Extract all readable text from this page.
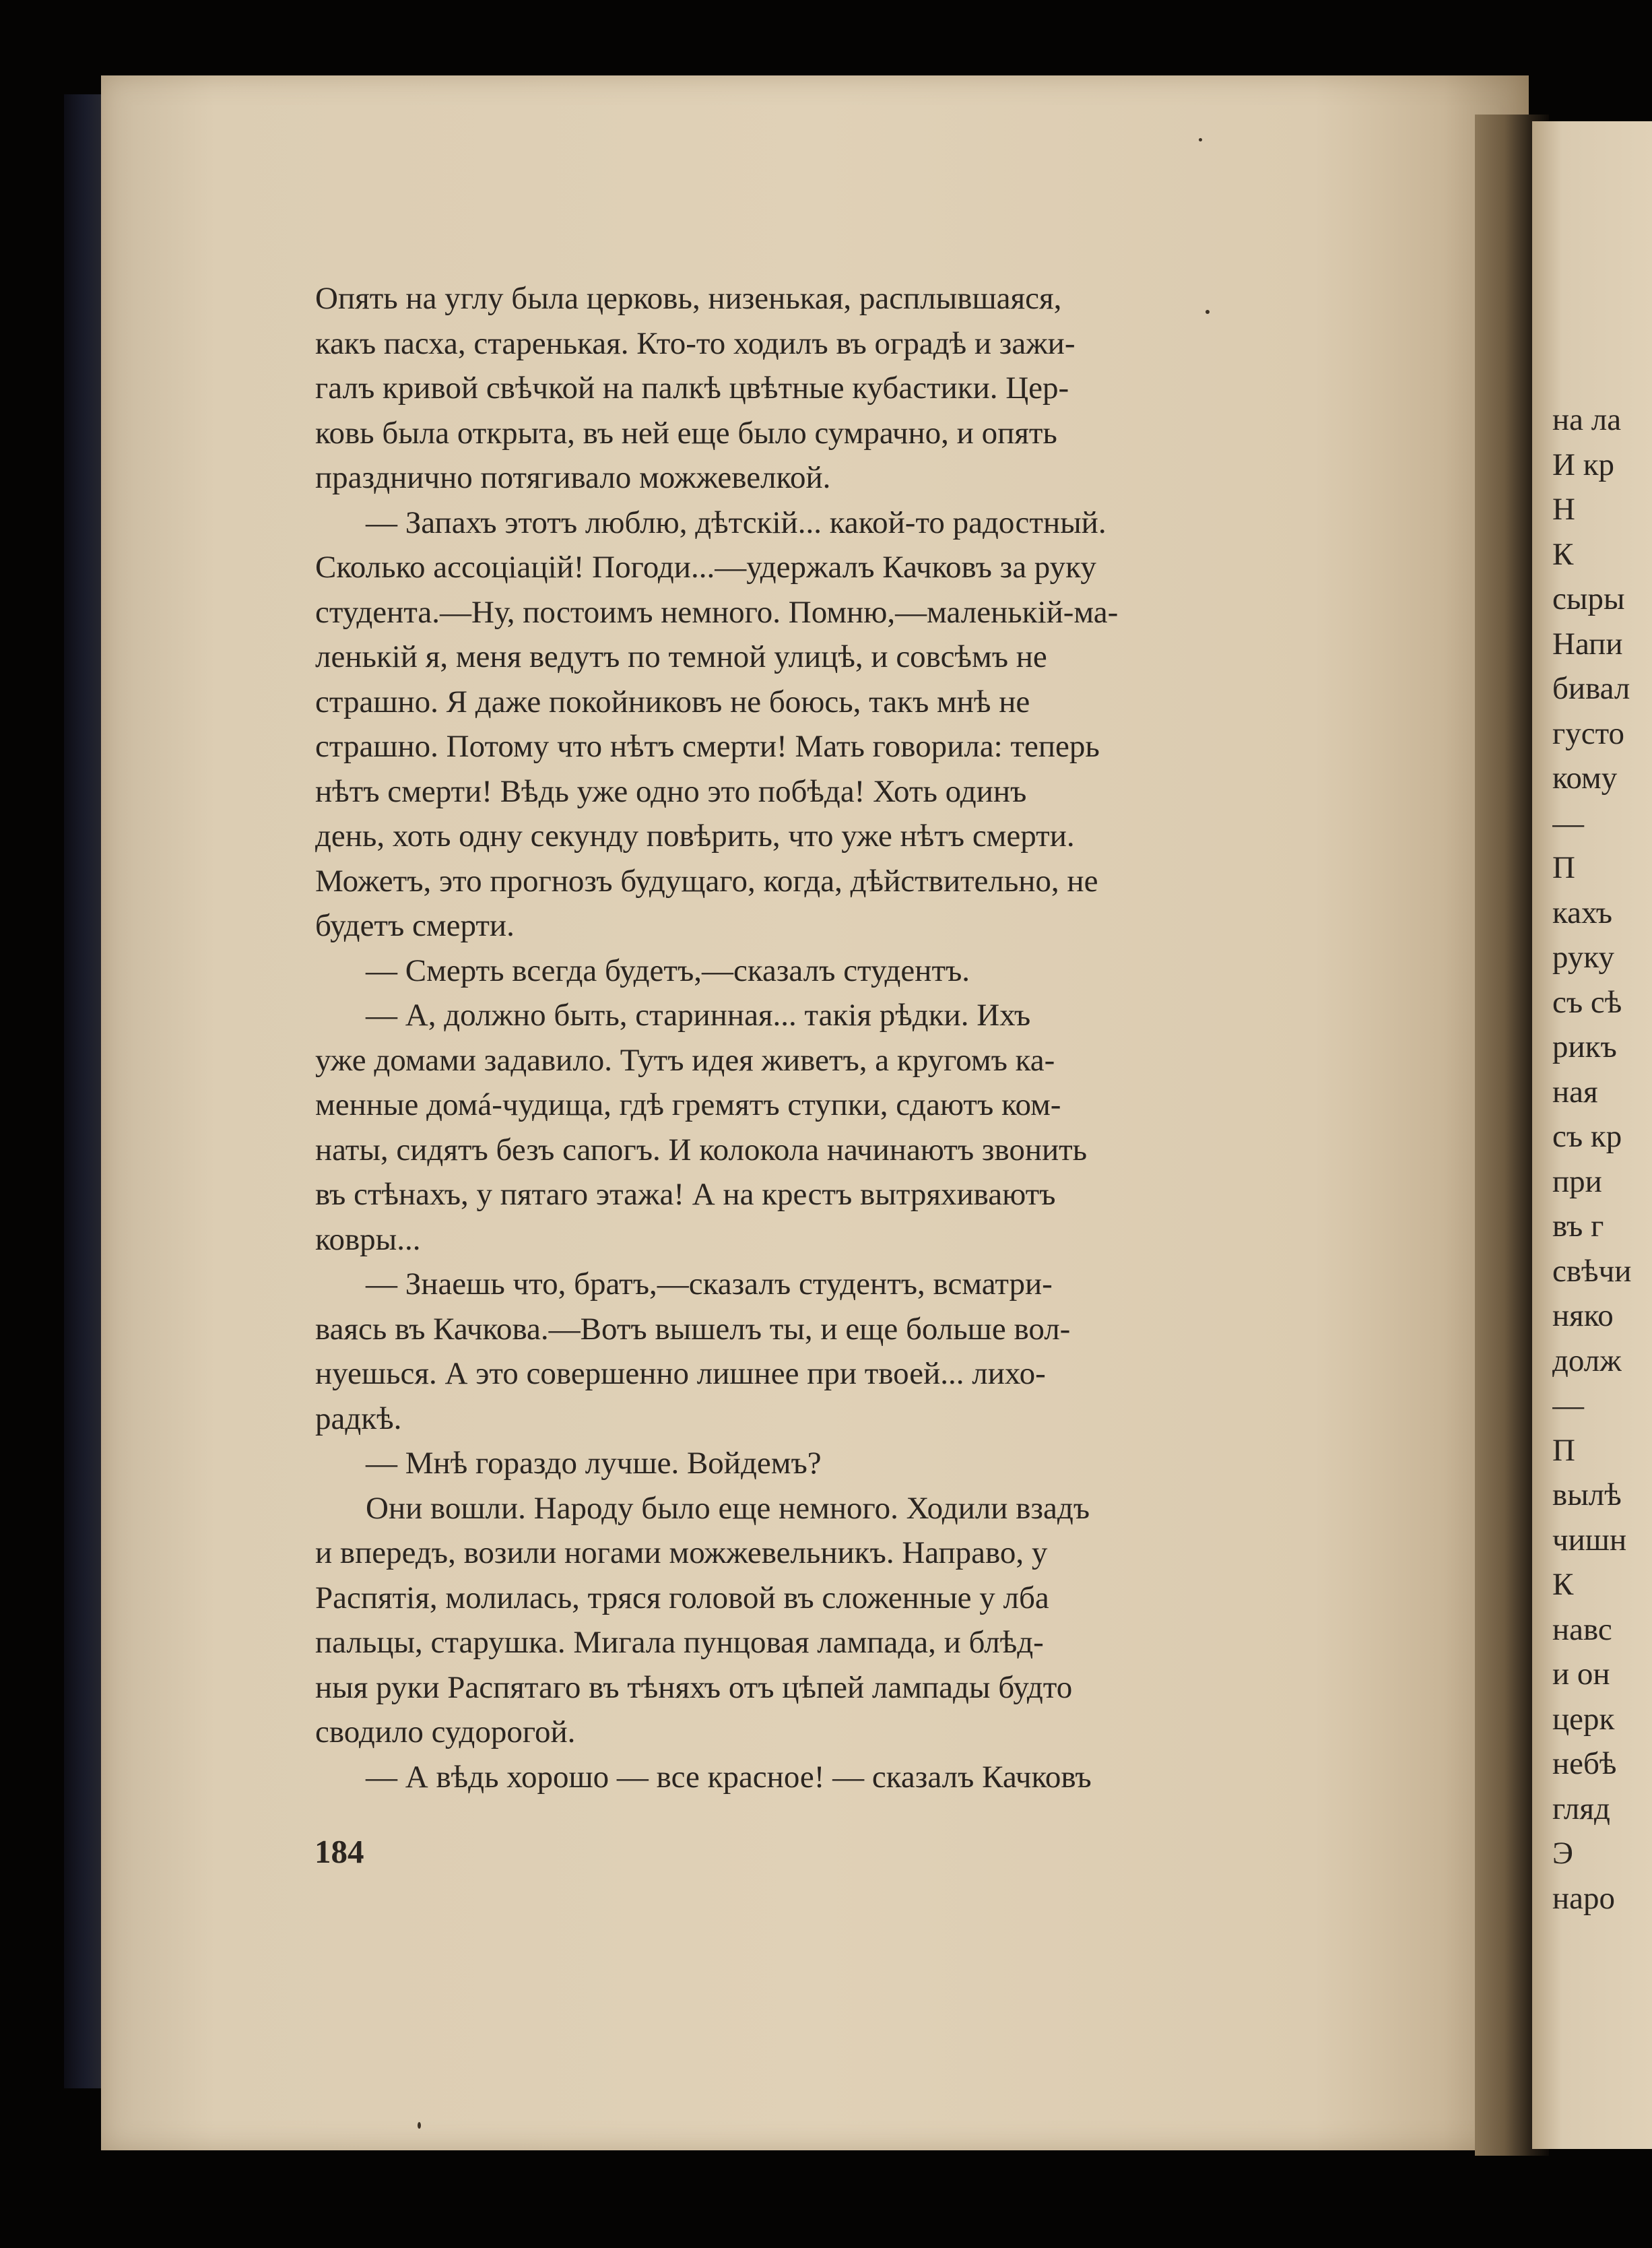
Опять на углу была церковь, низенькая, расплывшаяся,
какъ пасха, старенькая. Кто-то ходилъ въ оградѣ и зажи-
галъ кривой свѣчкой на палкѣ цвѣтные кубастики. Цер-
ковь была открыта, въ ней еще было сумрачно, и опять
празднично потягивало можжевелкой.
— Запахъ этотъ люблю, дѣтскій... какой-то радостный.
Сколько ассоціацій! Погоди...—удержалъ Качковъ за руку
студента.—Ну, постоимъ немного. Помню,—маленькій-ма-
ленькій я, меня ведутъ по темной улицѣ, и совсѣмъ не
страшно. Я даже покойниковъ не боюсь, такъ мнѣ не
страшно. Потому что нѣтъ смерти! Мать говорила: теперь
нѣтъ смерти! Вѣдь уже одно это побѣда! Хоть одинъ
день, хоть одну секунду повѣрить, что уже нѣтъ смерти.
Можетъ, это прогнозъ будущаго, когда, дѣйствительно, не
будетъ смерти.
— Смерть всегда будетъ,—сказалъ студентъ.
— А, должно быть, старинная... такія рѣдки. Ихъ
уже домами задавило. Тутъ идея живетъ, а кругомъ ка-
менные домá-чудища, гдѣ гремятъ ступки, сдаютъ ком-
наты, сидятъ безъ сапогъ. И колокола начинаютъ звонить
въ стѣнахъ, у пятаго этажа! А на крестъ вытряхиваютъ
ковры...
— Знаешь что, братъ,—сказалъ студентъ, всматри-
ваясь въ Качкова.—Вотъ вышелъ ты, и еще больше вол-
нуешься. А это совершенно лишнее при твоей... лихо-
радкѣ.
— Мнѣ гораздо лучше. Войдемъ?
Они вошли. Народу было еще немного. Ходили взадъ
и впередъ, возили ногами можжевельникъ. Направо, у
Распятія, молилась, тряся головой въ сложенные у лба
пальцы, старушка. Мигала пунцовая лампада, и блѣд-
ныя руки Распятаго въ тѣняхъ отъ цѣпей лампады будто
сводило судорогой.
— А вѣдь хорошо — все красное! — сказалъ Качковъ
184
на ла
И кр
Н
К
сыры
Напи
бивал
густо
кому
—
П
кахъ
руку
съ сѣ
рикъ
ная
съ кр
при
въ г
свѣчи
няко
долж
—
П
вылѣ
чишн
К
навс
и он
церк
небѣ
гляд
Э
наро
